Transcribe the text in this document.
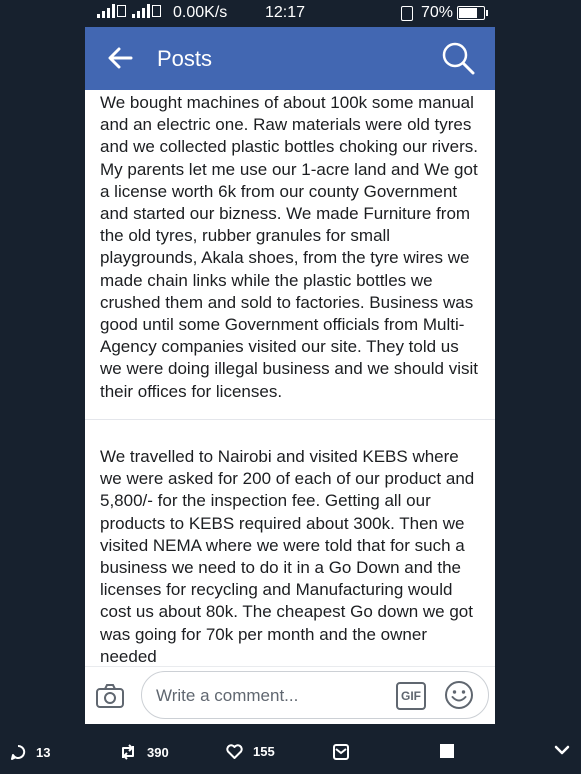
0.00K/s 12:17	70%
Posts

We bought machines of about 100k some manual and an electric one. Raw materials were old tyres and we collected plastic bottles choking our rivers. My parents let me use our 1-acre land and We got a license worth 6k from our county Government and started our bizness. We made Furniture from the old tyres, rubber granules for small playgrounds, Akala shoes, from the tyre wires we made chain links while the plastic bottles we crushed them and sold to factories. Business was good until some Government officials from Multi-Agency companies visited our site. They told us we were doing illegal business and we should visit their offices for licenses.

We travelled to Nairobi and visited KEBS where we were asked for 200 of each of our product and 5,800/- for the inspection fee. Getting all our products to KEBS required about 300k. Then we visited NEMA where we were told that for such a business we need to do it in a Go Down and the licenses for recycling and Manufacturing would cost us about 80k. The cheapest Go down we got was going for 70k per month and the owner needed

Write a comment...	GIF
13	390	155
